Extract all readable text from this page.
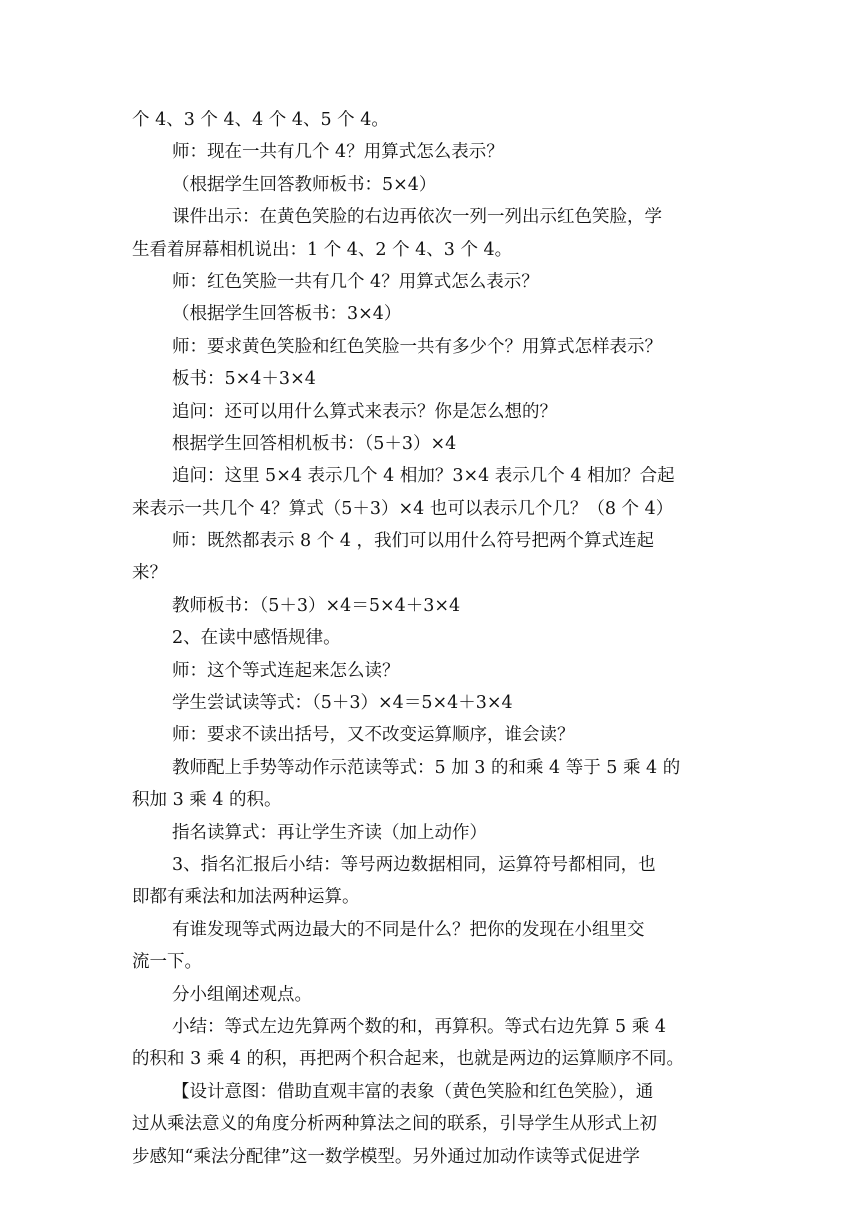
个 4、3 个 4、4 个 4、5 个 4。
师：现在一共有几个 4？用算式怎么表示？
（根据学生回答教师板书：5×4）
课件出示：在黄色笑脸的右边再依次一列一列出示红色笑脸，学
生看着屏幕相机说出：1 个 4、2 个 4、3 个 4。
师：红色笑脸一共有几个 4？用算式怎么表示？
（根据学生回答板书：3×4）
师：要求黄色笑脸和红色笑脸一共有多少个？用算式怎样表示？
板书：5×4＋3×4
追问：还可以用什么算式来表示？你是怎么想的？
根据学生回答相机板书：（5＋3）×4
追问：这里 5×4 表示几个 4 相加？3×4 表示几个 4 相加？合起
来表示一共几个 4？算式（5＋3）×4 也可以表示几个几？（8 个 4）
师：既然都表示 8 个 4 ，我们可以用什么符号把两个算式连起
来？
教师板书：（5＋3）×4＝5×4＋3×4
2、在读中感悟规律。
师：这个等式连起来怎么读？
学生尝试读等式：（5＋3）×4＝5×4＋3×4
师：要求不读出括号，又不改变运算顺序，谁会读？
教师配上手势等动作示范读等式：5 加 3 的和乘 4 等于 5 乘 4 的
积加 3 乘 4 的积。
指名读算式：再让学生齐读（加上动作）
3、指名汇报后小结：等号两边数据相同，运算符号都相同，也
即都有乘法和加法两种运算。
有谁发现等式两边最大的不同是什么？把你的发现在小组里交
流一下。
分小组阐述观点。
小结：等式左边先算两个数的和，再算积。等式右边先算 5 乘 4
的积和 3 乘 4 的积，再把两个积合起来，也就是两边的运算顺序不同。
【设计意图：借助直观丰富的表象（黄色笑脸和红色笑脸），通
过从乘法意义的角度分析两种算法之间的联系，引导学生从形式上初
步感知“乘法分配律”这一数学模型。另外通过加动作读等式促进学
